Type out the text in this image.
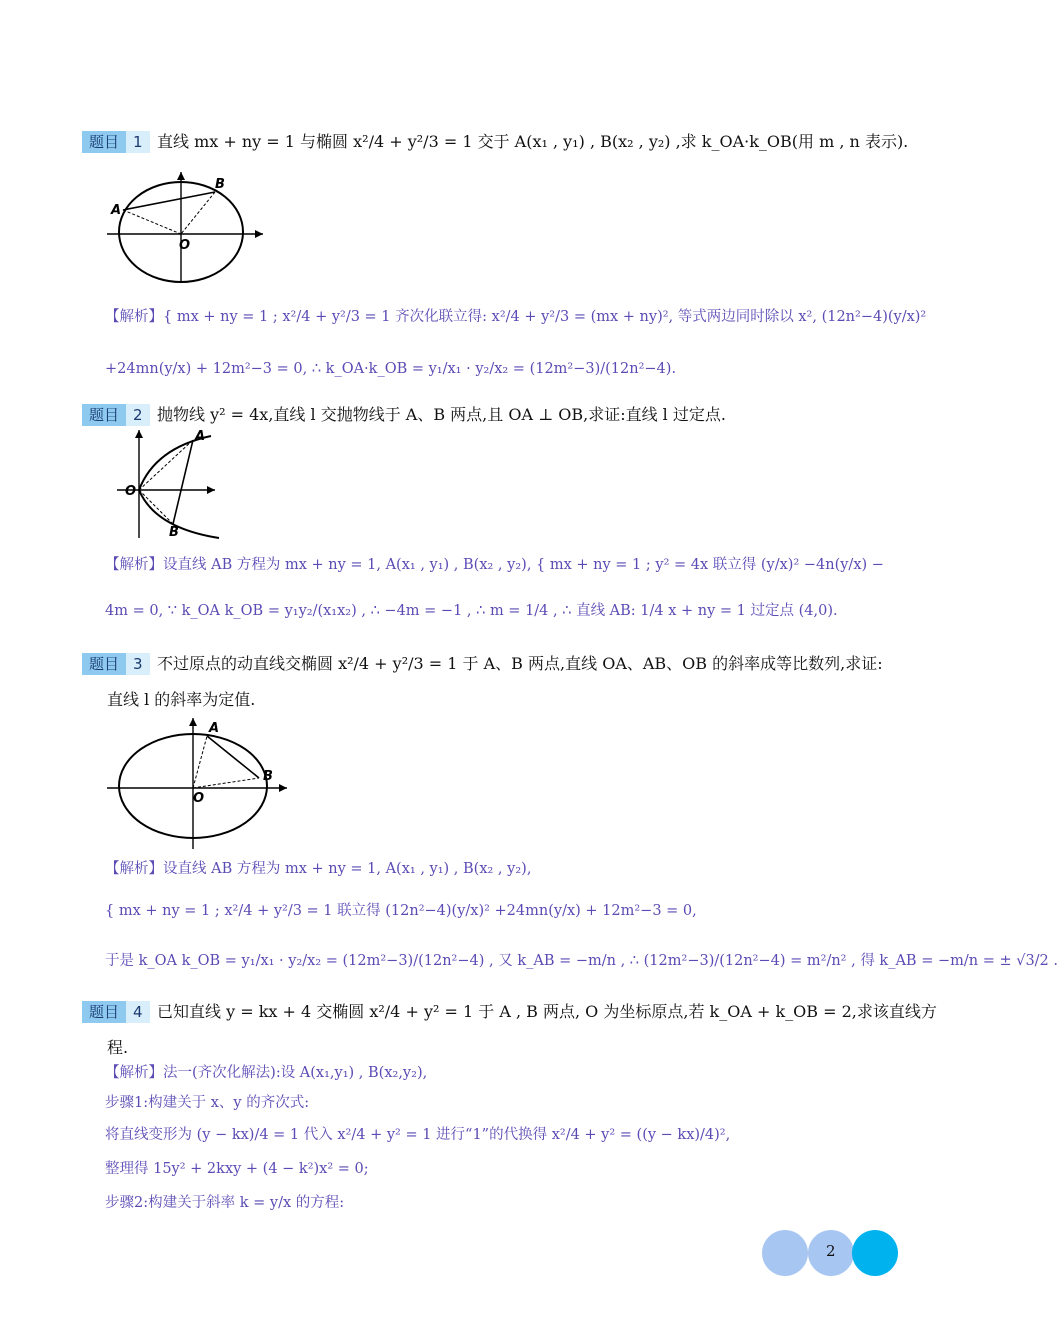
题目 1 直线 mx + ny = 1 与椭圆 x²/4 + y²/3 = 1 交于 A(x₁ , y₁) , B(x₂ , y₂) ,求 k_OA·k_OB(用 m , n 表示).
A
B
O
【解析】{ mx + ny = 1 ; x²/4 + y²/3 = 1 齐次化联立得: x²/4 + y²/3 = (mx + ny)², 等式两边同时除以 x², (12n²−4)(y/x)²
+24mn(y/x) + 12m²−3 = 0, ∴ k_OA·k_OB = y₁/x₁ · y₂/x₂ = (12m²−3)/(12n²−4).
题目 2 抛物线 y² = 4x,直线 l 交抛物线于 A、B 两点,且 OA ⊥ OB,求证:直线 l 过定点.
A
B
O
【解析】设直线 AB 方程为 mx + ny = 1, A(x₁ , y₁) , B(x₂ , y₂), { mx + ny = 1 ; y² = 4x 联立得 (y/x)² −4n(y/x) −
4m = 0, ∵ k_OA k_OB = y₁y₂/(x₁x₂) , ∴ −4m = −1 , ∴ m = 1/4 , ∴ 直线 AB: 1/4 x + ny = 1 过定点 (4,0).
题目 3 不过原点的动直线交椭圆 x²/4 + y²/3 = 1 于 A、B 两点,直线 OA、AB、OB 的斜率成等比数列,求证:
直线 l 的斜率为定值.
A
B
O
【解析】设直线 AB 方程为 mx + ny = 1, A(x₁ , y₁) , B(x₂ , y₂),
{ mx + ny = 1 ; x²/4 + y²/3 = 1 联立得 (12n²−4)(y/x)² +24mn(y/x) + 12m²−3 = 0,
于是 k_OA k_OB = y₁/x₁ · y₂/x₂ = (12m²−3)/(12n²−4) , 又 k_AB = −m/n , ∴ (12m²−3)/(12n²−4) = m²/n² , 得 k_AB = −m/n = ± √3/2 .
题目 4 已知直线 y = kx + 4 交椭圆 x²/4 + y² = 1 于 A , B 两点, O 为坐标原点,若 k_OA + k_OB = 2,求该直线方
程.
【解析】法一(齐次化解法):设 A(x₁,y₁) , B(x₂,y₂),
步骤1:构建关于 x、y 的齐次式:
将直线变形为 (y − kx)/4 = 1 代入 x²/4 + y² = 1 进行“1”的代换得 x²/4 + y² = ((y − kx)/4)²,
整理得 15y² + 2kxy + (4 − k²)x² = 0;
步骤2:构建关于斜率 k = y/x 的方程:
2
